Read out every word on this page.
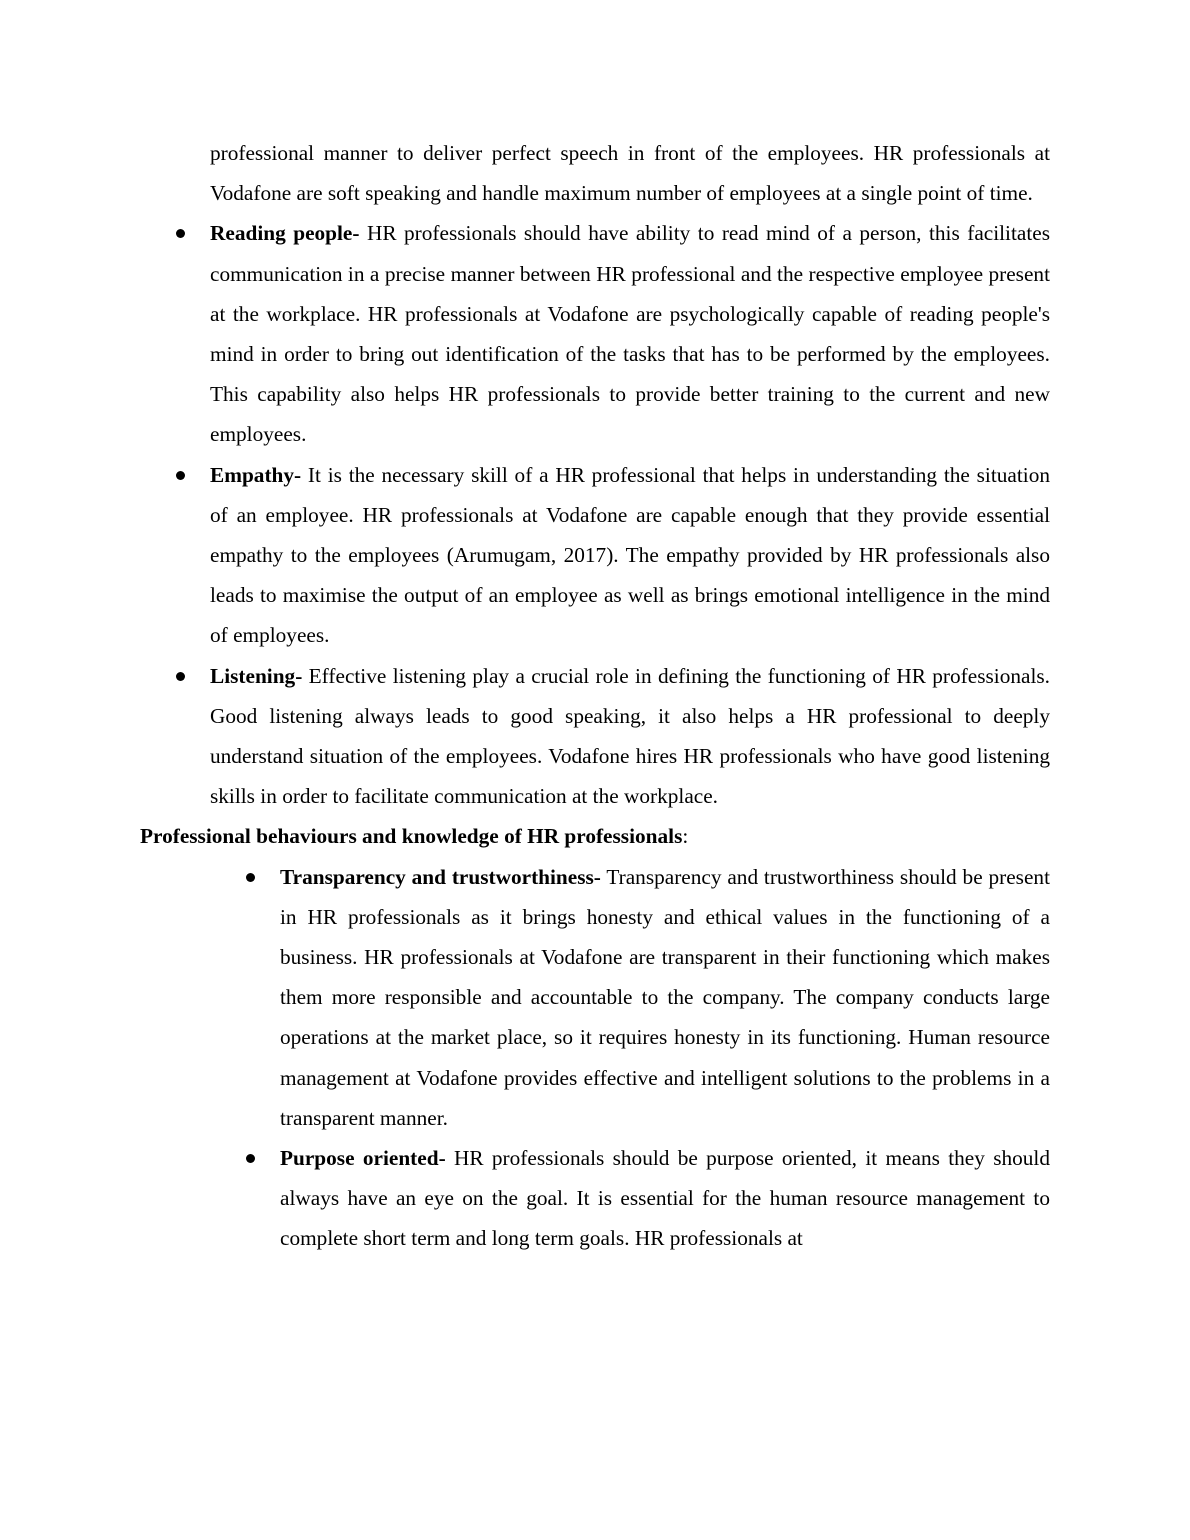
professional manner to deliver perfect speech in front of the employees. HR professionals at Vodafone are soft speaking and handle maximum number of employees at a single point of time.

Reading people- HR professionals should have ability to read mind of a person, this facilitates communication in a precise manner between HR professional and the respective employee present at the workplace. HR professionals at Vodafone are psychologically capable of reading people's mind in order to bring out identification of the tasks that has to be performed by the employees. This capability also helps HR professionals to provide better training to the current and new employees.
Empathy- It is the necessary skill of a HR professional that helps in understanding the situation of an employee. HR professionals at Vodafone are capable enough that they provide essential empathy to the employees (Arumugam, 2017). The empathy provided by HR professionals also leads to maximise the output of an employee as well as brings emotional intelligence in the mind of employees.
Listening- Effective listening play a crucial role in defining the functioning of HR professionals. Good listening always leads to good speaking, it also helps a HR professional to deeply understand situation of the employees. Vodafone hires HR professionals who have good listening skills in order to facilitate communication at the workplace.

Professional behaviours and knowledge of HR professionals:

Transparency and trustworthiness- Transparency and trustworthiness should be present in HR professionals as it brings honesty and ethical values in the functioning of a business. HR professionals at Vodafone are transparent in their functioning which makes them more responsible and accountable to the company. The company conducts large operations at the market place, so it requires honesty in its functioning. Human resource management at Vodafone provides effective and intelligent solutions to the problems in a transparent manner.
Purpose oriented- HR professionals should be purpose oriented, it means they should always have an eye on the goal. It is essential for the human resource management to complete short term and long term goals. HR professionals at
